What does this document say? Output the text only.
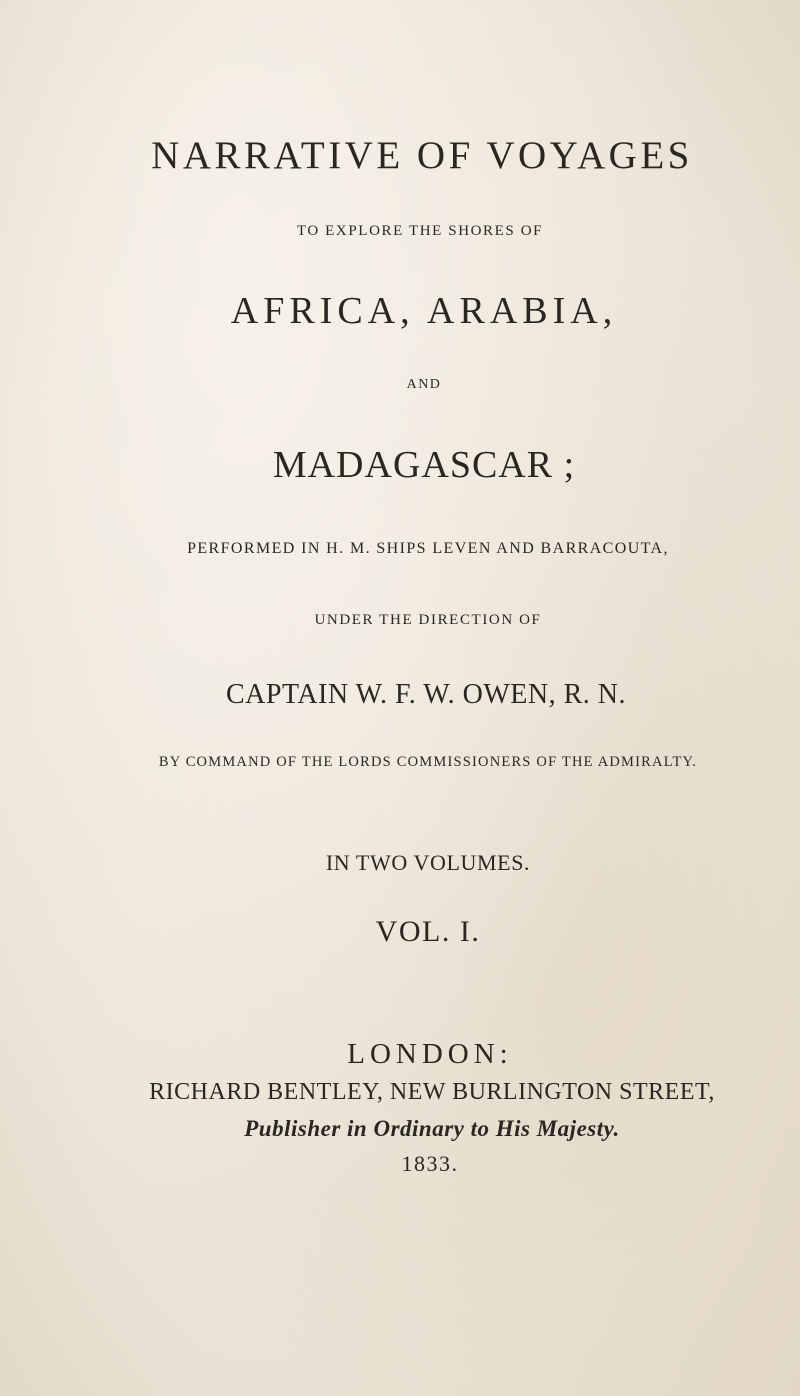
NARRATIVE OF VOYAGES
TO EXPLORE THE SHORES OF
AFRICA, ARABIA,
AND
MADAGASCAR ;
PERFORMED IN H. M. SHIPS LEVEN AND BARRACOUTA,
UNDER THE DIRECTION OF
CAPTAIN W. F. W. OWEN, R. N.
BY COMMAND OF THE LORDS COMMISSIONERS OF THE ADMIRALTY.
IN TWO VOLUMES.
VOL. I.
LONDON:
RICHARD BENTLEY, NEW BURLINGTON STREET,
Publisher in Ordinary to His Majesty.
1833.
